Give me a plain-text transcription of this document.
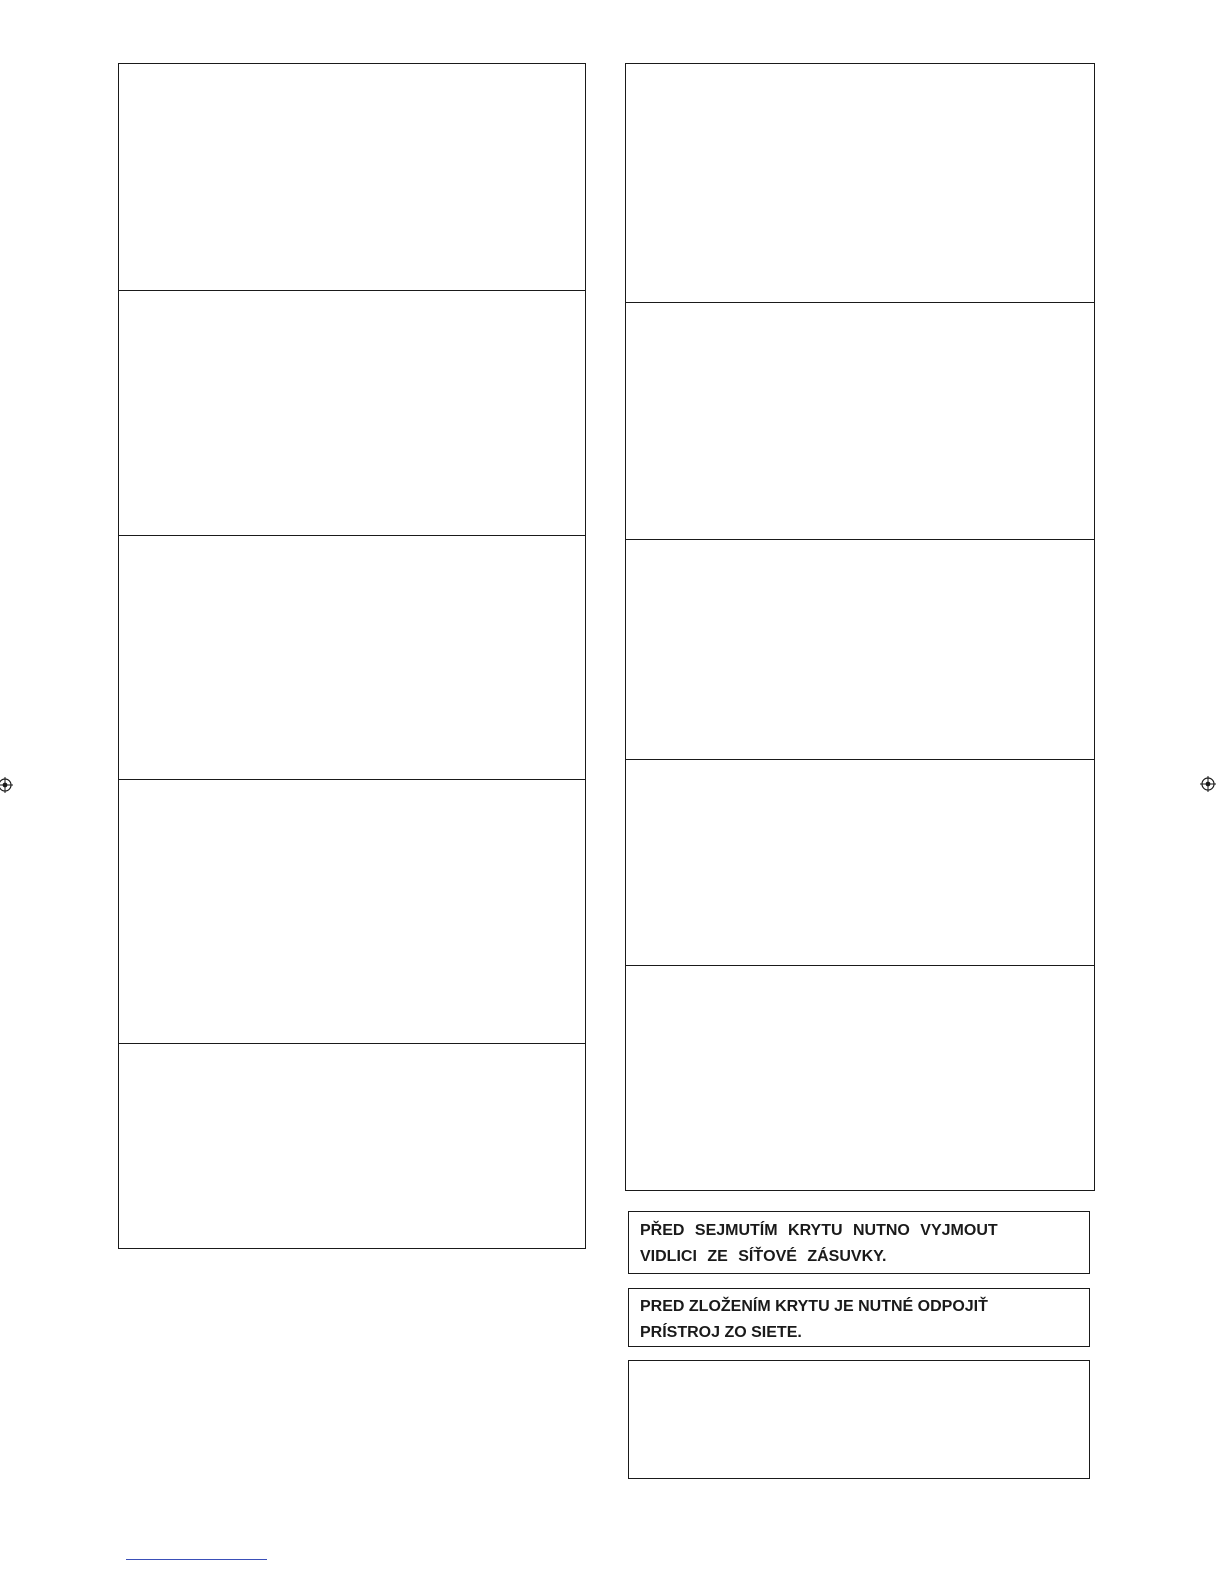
PŘED SEJMUTÍM KRYTU NUTNO VYJMOUT
VIDLICI ZE SÍŤOVÉ ZÁSUVKY.
PRED ZLOŽENÍM KRYTU JE NUTNÉ ODPOJIŤ
PRÍSTROJ ZO SIETE.
